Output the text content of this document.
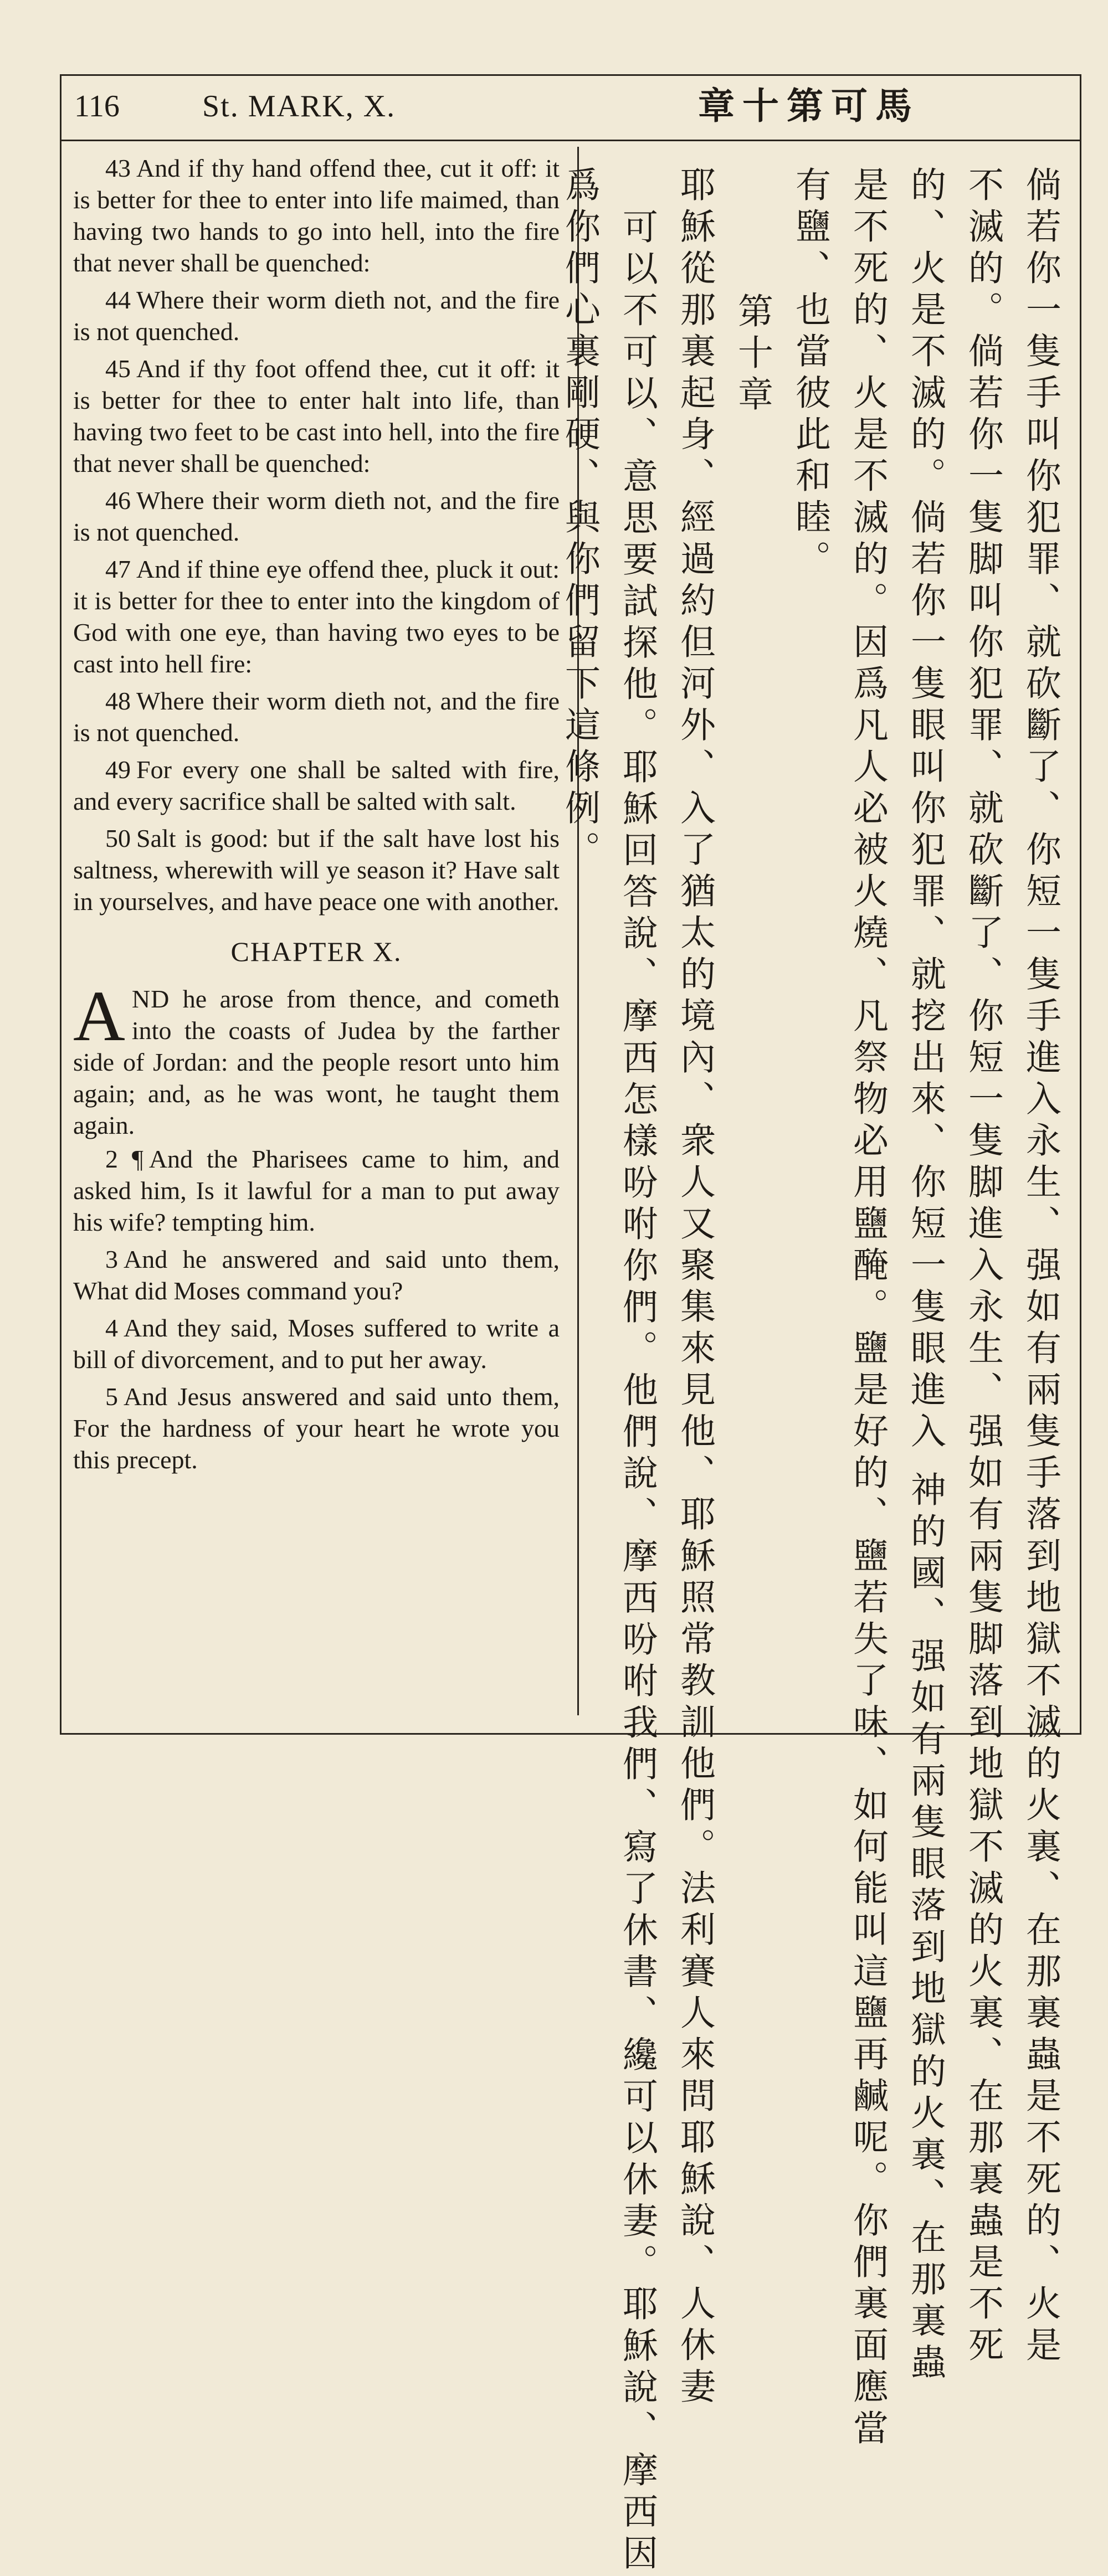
116	St. MARK, X.	章十第可馬

43 And if thy hand offend thee, cut it off: it is better for thee to enter into life maimed, than having two hands to go into hell, into the fire that never shall be quenched:

44 Where their worm dieth not, and the fire is not quenched.

45 And if thy foot offend thee, cut it off: it is better for thee to enter halt into life, than having two feet to be cast into hell, into the fire that never shall be quenched:

46 Where their worm dieth not, and the fire is not quenched.

47 And if thine eye offend thee, pluck it out: it is better for thee to enter into the kingdom of God with one eye, than having two eyes to be cast into hell fire:

48 Where their worm dieth not, and the fire is not quenched.

49 For every one shall be salted with fire, and every sacrifice shall be salted with salt.

50 Salt is good: but if the salt have lost his saltness, wherewith will ye season it? Have salt in yourselves, and have peace one with another.

CHAPTER X.

AND he arose from thence, and cometh into the coasts of Judea by the farther side of Jordan: and the people resort unto him again; and, as he was wont, he taught them again.

2 ¶ And the Pharisees came to him, and asked him, Is it lawful for a man to put away his wife? tempting him.

3 And he answered and said unto them, What did Moses command you?

4 And they said, Moses suffered to write a bill of divorcement, and to put her away.

5 And Jesus answered and said unto them, For the hardness of your heart he wrote you this precept.	倘若你一隻手叫你犯罪、就砍斷了、你短一隻手進入永生、强如有兩隻手落到地獄不滅的火裏、在那裏蟲是不死的、火是
不滅的。倘若你一隻脚叫你犯罪、就砍斷了、你短一隻脚進入永生、强如有兩隻脚落到地獄不滅的火裏、在那裏蟲是不死
的、火是不滅的。倘若你一隻眼叫你犯罪、就挖出來、你短一隻眼進入 神的國、强如有兩隻眼落到地獄的火裏、在那裏蟲
是不死的、火是不滅的。因爲凡人必被火燒、凡祭物必用鹽醃。鹽是好的、鹽若失了味、如何能叫這鹽再鹹呢。你們裏面應當
有鹽、也當彼此和睦。
第十章
耶穌從那裏起身、經過約但河外、入了猶太的境內、衆人又聚集來見他、耶穌照常教訓他們。法利賽人來問耶穌說、人休妻
可以不可以、意思要試探他。耶穌回答說、摩西怎樣吩咐你們。他們說、摩西吩咐我們、寫了休書、纔可以休妻。耶穌說、摩西因
爲你們心裏剛硬、與你們留下這條例。
